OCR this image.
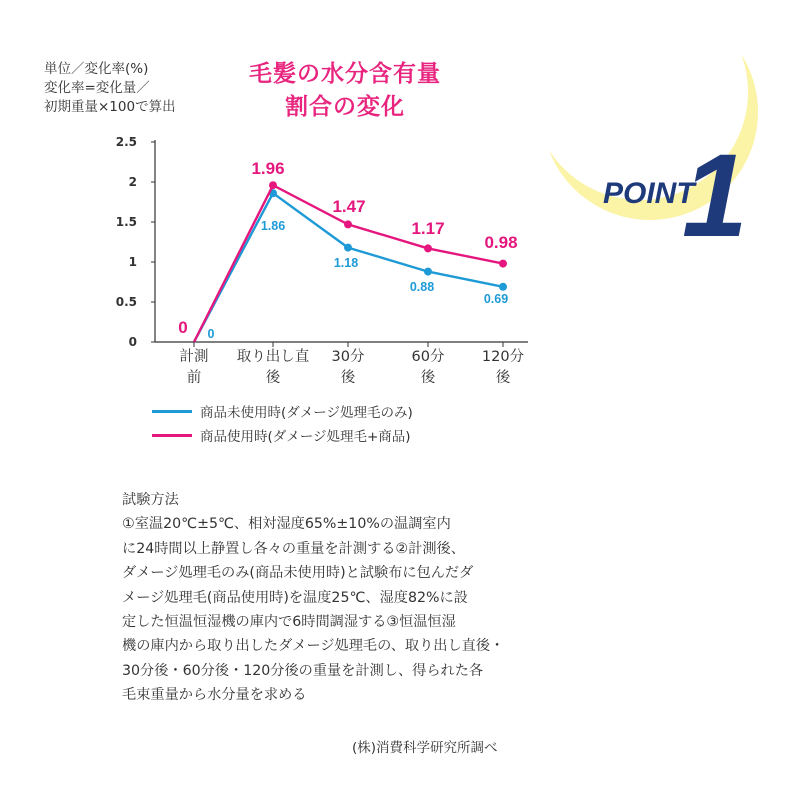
POINT
1
単位／変化率(%)
変化率=変化量／
初期重量×100で算出
毛髪の水分含有量
割合の変化
0
0.5
1
1.5
2
2.5
計測
前
取り出し直
後
30分
後
60分
後
120分
後
0
1.86
1.18
0.88
0.69
0
1.96
1.47
1.17
0.98
商品未使用時(ダメージ処理毛のみ)
商品使用時(ダメージ処理毛+商品)
試験方法
①室温20℃±5℃、相対湿度65%±10%の温調室内
に24時間以上静置し各々の重量を計測する②計測後、
ダメージ処理毛のみ(商品未使用時)と試験布に包んだダ
メージ処理毛(商品使用時)を温度25℃、湿度82%に設
定した恒温恒湿機の庫内で6時間調湿する③恒温恒湿
機の庫内から取り出したダメージ処理毛の、取り出し直後・
30分後・60分後・120分後の重量を計測し、得られた各
毛束重量から水分量を求める
(株)消費科学研究所調べ
